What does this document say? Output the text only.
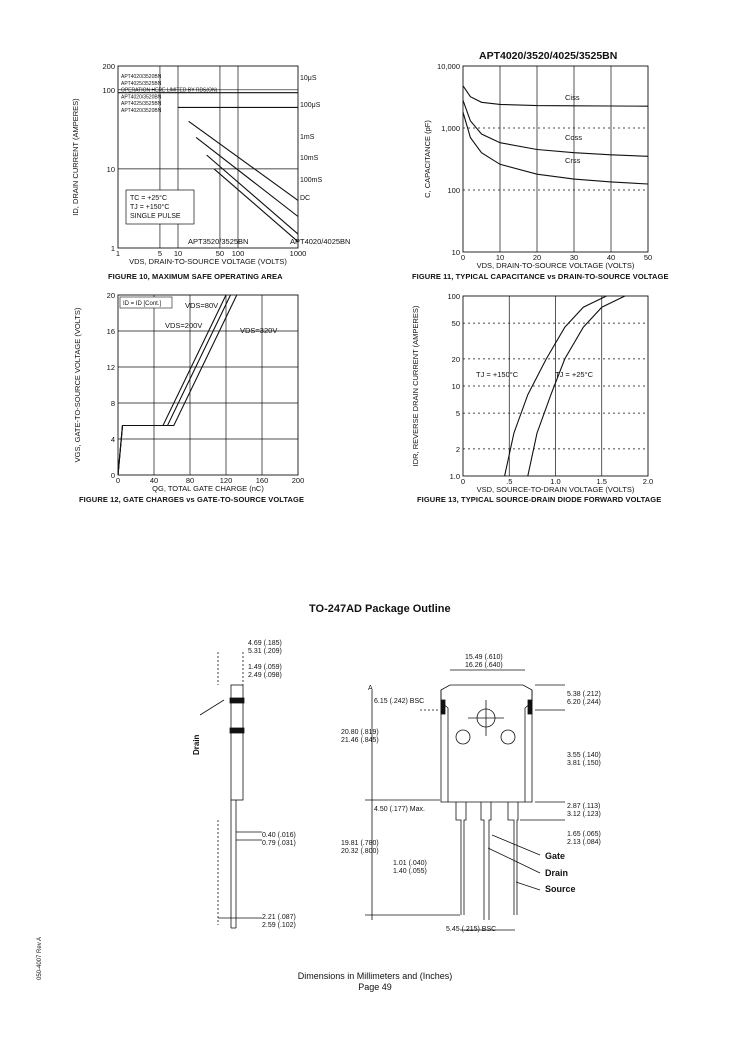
APT4020/3520/4025/3525BN
1	5 10	50 100	1000
1
10
100
200
VDS, DRAIN-TO-SOURCE VOLTAGE (VOLTS)
ID, DRAIN CURRENT (AMPERES)
10μS
100μS
1mS
10mS
100mS
DC
APT4020/3520BN
APT4025/3525BN
OPERATION HERE LIMITED BY RDS(ON)
APT4020/3520BN
APT4025/3525BN
APT4020/3520BN
TC = +25°C
TJ = +150°C
SINGLE PULSE
APT3520/3525BN	APT4020/4025BN
FIGURE 10, MAXIMUM SAFE OPERATING AREA
0	10	20	30	40	50
10
100
1,000
10,000
VDS, DRAIN-TO-SOURCE VOLTAGE (VOLTS)
C, CAPACITANCE (pF)
Ciss
Coss
Crss
FIGURE 11, TYPICAL CAPACITANCE vs DRAIN-TO-SOURCE VOLTAGE
0	40	80	120	160	200
0
4
8
12
16
20
QG, TOTAL GATE CHARGE (nC)
VGS, GATE-TO-SOURCE VOLTAGE (VOLTS)
ID = ID [Cont.]	VDS=80V
VDS=200V
VDS=320V
FIGURE 12, GATE CHARGES vs GATE-TO-SOURCE VOLTAGE
0	.5	1.0	1.5	2.0
1.0
2
5
10
20
50
100
VSD, SOURCE-TO-DRAIN VOLTAGE (VOLTS)
IDR, REVERSE DRAIN CURRENT (AMPERES)	TJ = +150°C	TJ = +25°C
FIGURE 13, TYPICAL SOURCE-DRAIN DIODE FORWARD VOLTAGE
TO-247AD Package Outline
4.69 (.185)
5.31 (.209)
1.49 (.059)
2.49 (.098)
0.40 (.016)
0.79 (.031)
2.21 (.087)
2.59 (.102)
Drain
A
15.49 (.610)
16.26 (.640)
6.15 (.242) BSC
5.38 (.212)
6.20 (.244)
20.80 (.819)
21.46 (.845)
3.55 (.140)
3.81 (.150)
4.50 (.177) Max.	2.87 (.113)
3.12 (.123)
1.65 (.065)
2.13 (.084)
19.81 (.780)
20.32 (.800)
1.01 (.040)
1.40 (.055)
5.45 (.215) BSC
Gate
Drain
Source
Dimensions in Millimeters and (Inches)
Page 49
050-4007 Rev A
